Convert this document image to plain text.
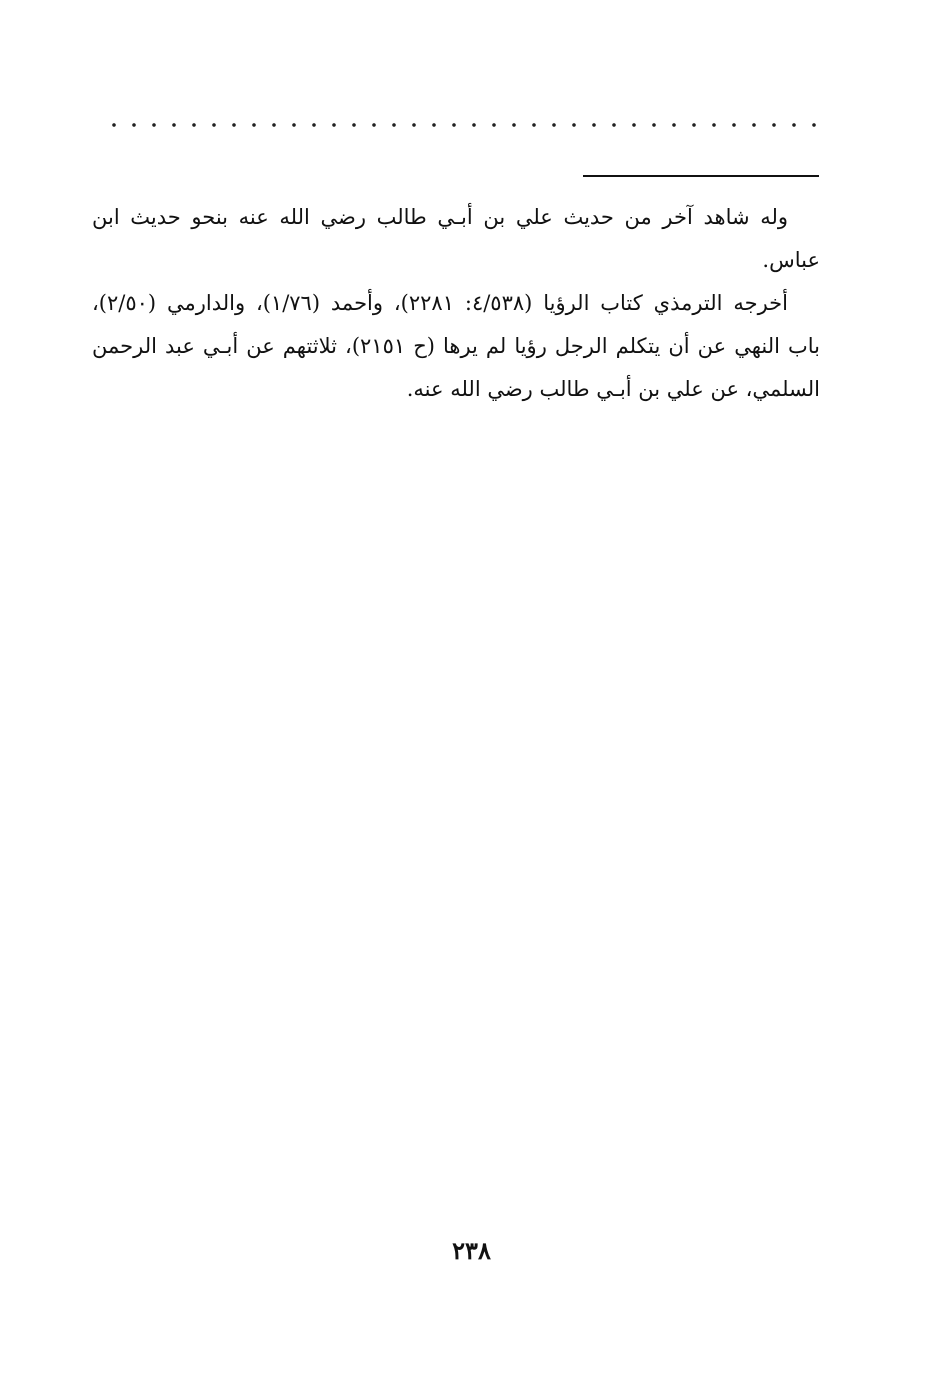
وله شاهد آخر من حديث علي بن أبـي طالب رضي الله عنه بنحو حديث ابن عباس.

أخرجه الترمذي كتاب الرؤيا (٤/٥٣٨: ٢٢٨١)، وأحمد (١/٧٦)، والدارمي (٢/٥٠)، باب النهي عن أن يتكلم الرجل رؤيا لم يرها (ح ٢١٥١)، ثلاثتهم عن أبـي عبد الرحمن السلمي، عن علي بن أبـي طالب رضي الله عنه.

٢٣٨
